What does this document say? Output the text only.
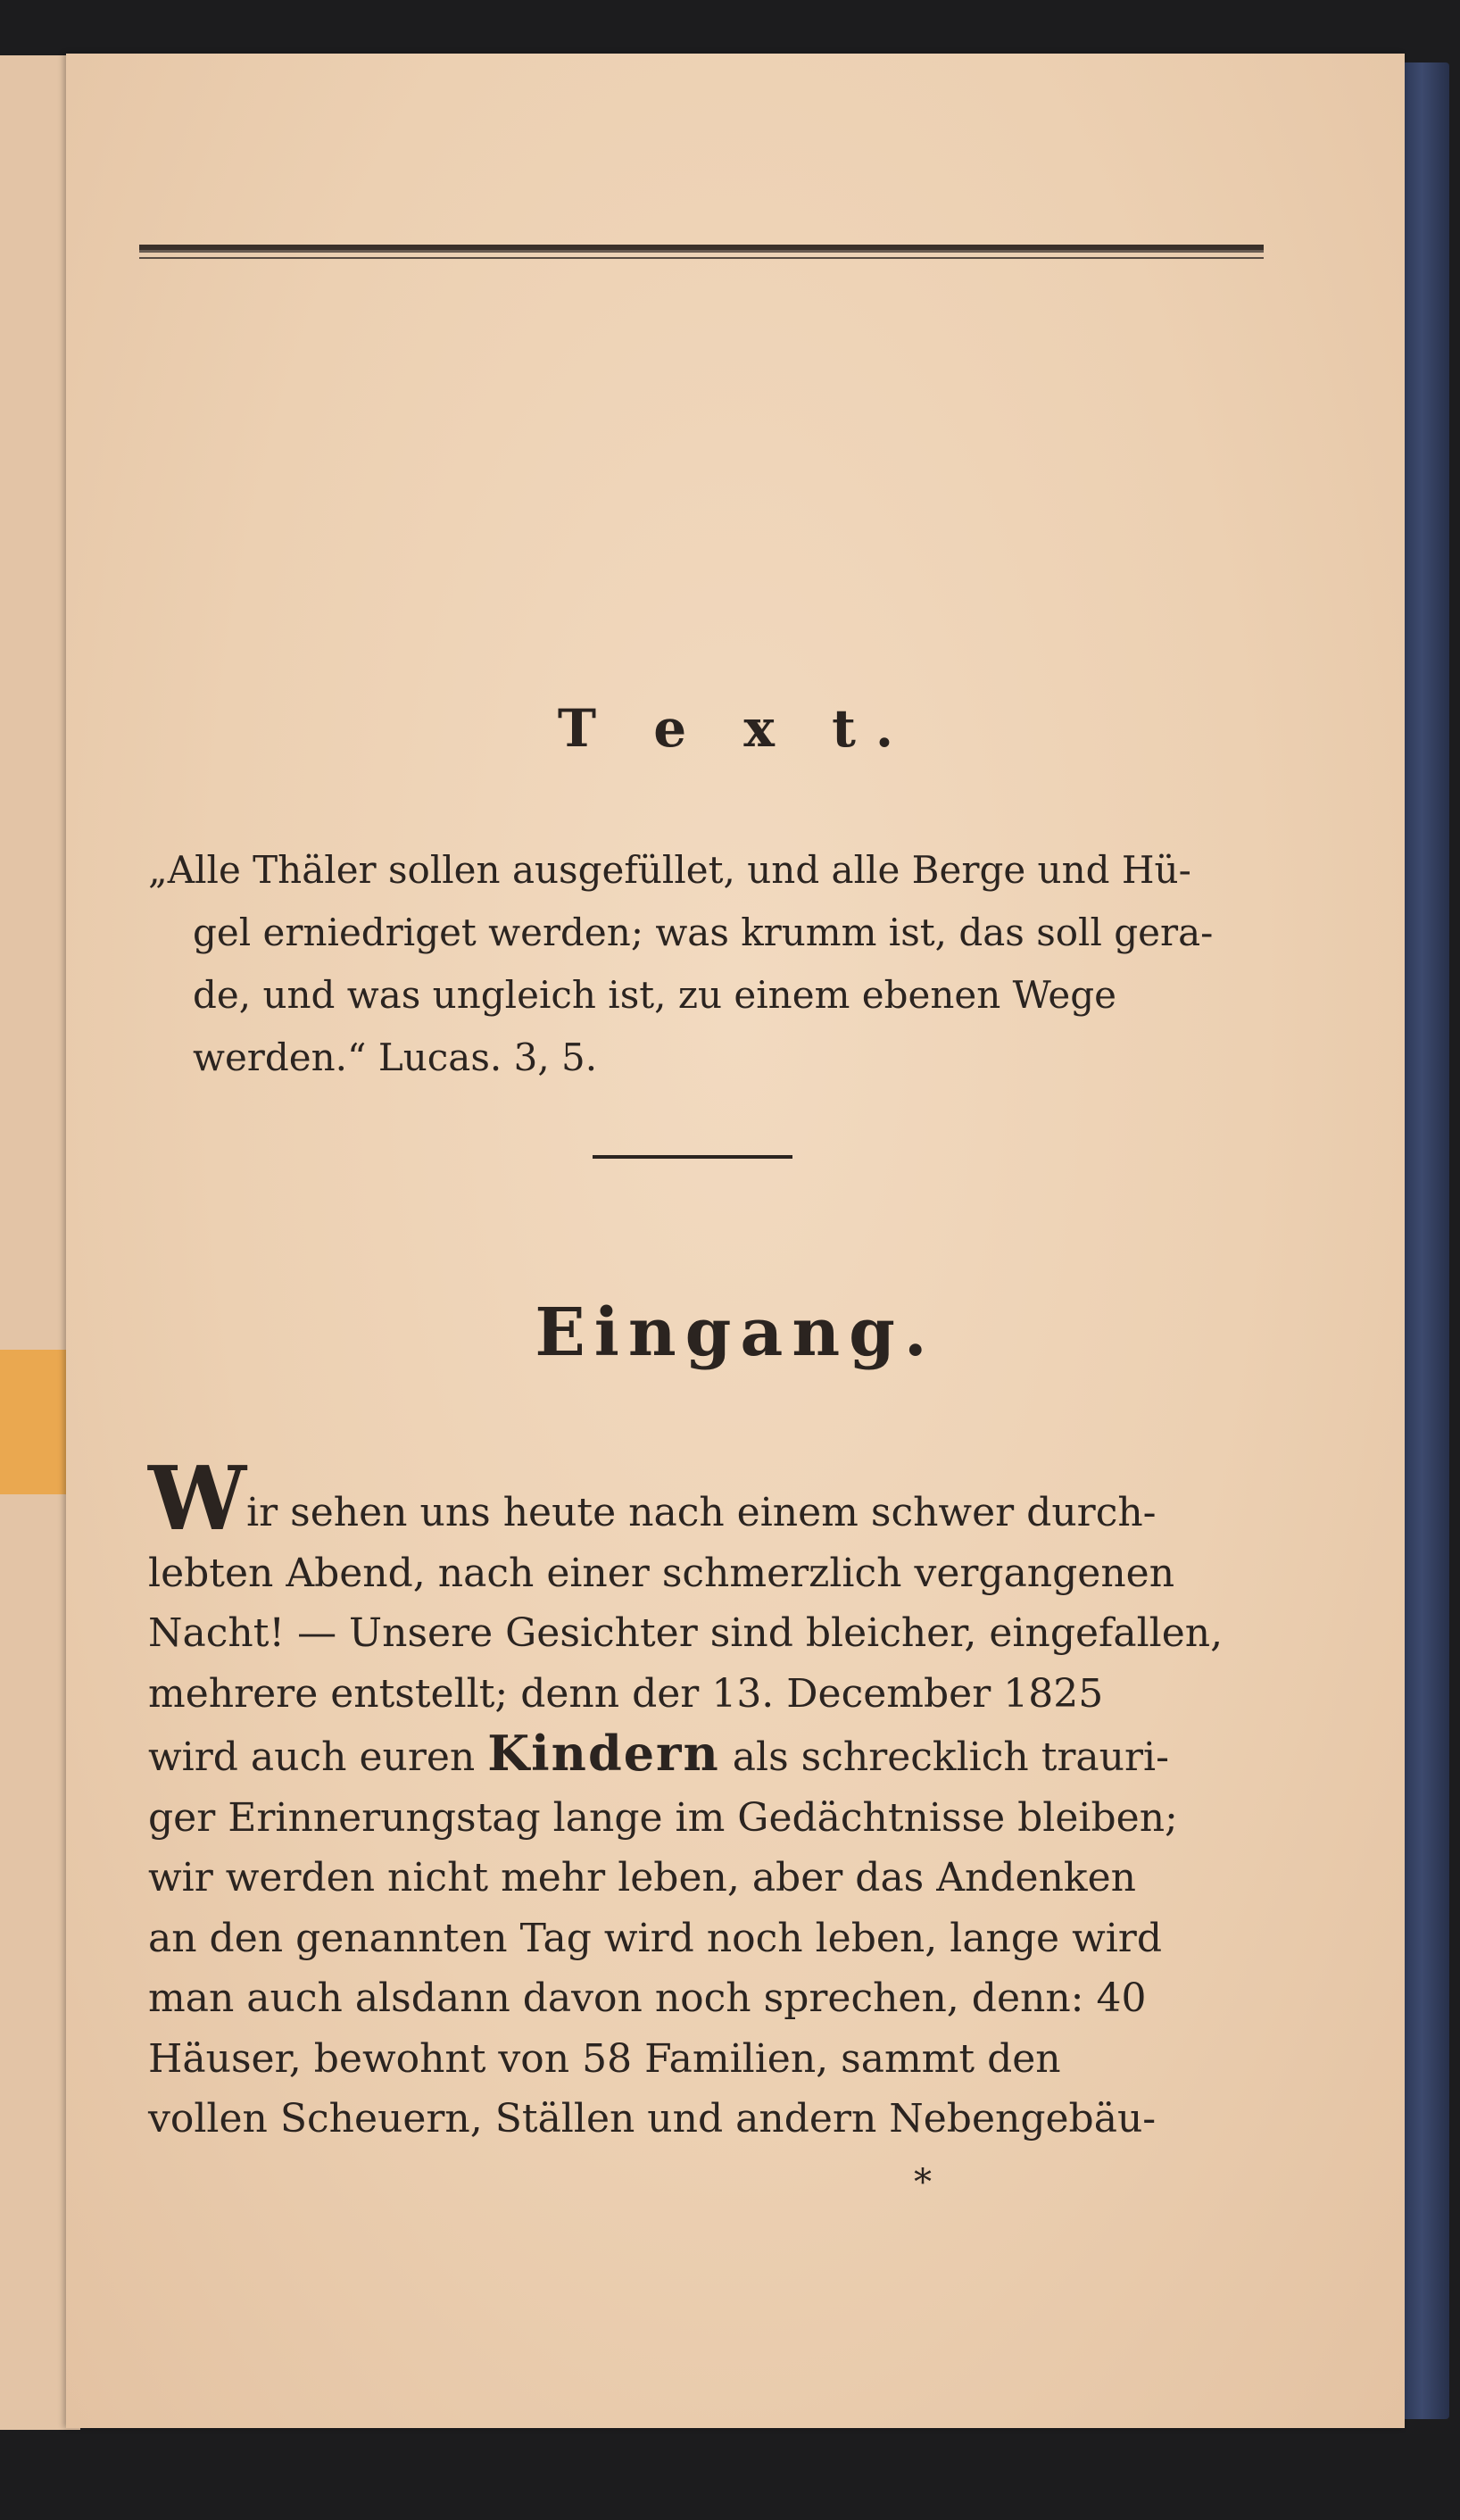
T e x t.

„Alle Thäler sollen ausgefüllet, und alle Berge und Hü-
gel erniedriget werden; was krumm ist, das soll gera-
de, und was ungleich ist, zu einem ebenen Wege
werden.“ Lucas. 3, 5.

Eingang.
Wir sehen uns heute nach einem schwer durch-
lebten Abend, nach einer schmerzlich vergangenen
Nacht! — Unsere Gesichter sind bleicher, eingefallen,
mehrere entstellt; denn der 13. December 1825
wird auch euren Kindern als schrecklich trauri-
ger Erinnerungstag lange im Gedächtnisse bleiben;
wir werden nicht mehr leben, aber das Andenken
an den genannten Tag wird noch leben, lange wird
man auch alsdann davon noch sprechen, denn: 40
Häuser, bewohnt von 58 Familien, sammt den
vollen Scheuern, Ställen und andern Nebengebäu-
*
